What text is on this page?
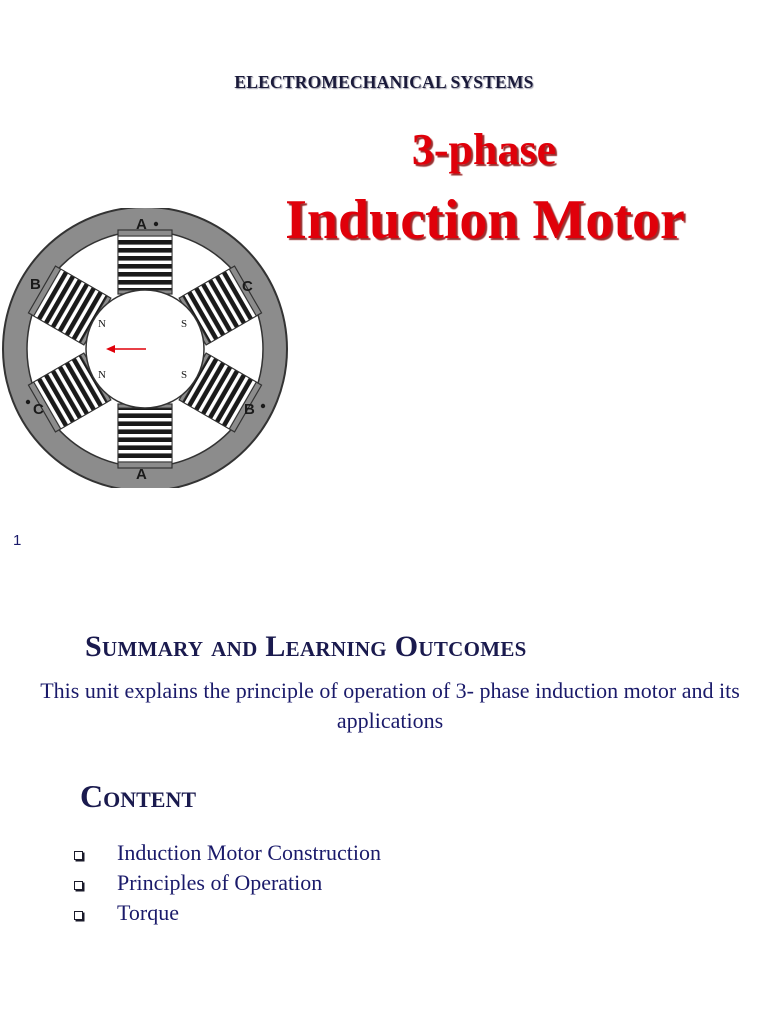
ELECTROMECHANICAL SYSTEMS
3-phase
Induction Motor
N	S
N	S
A
B	C
C	B
A
1
Summary and Learning Outcomes
This unit explains the principle of operation of 3- phase induction motor and its applications
Content
Induction Motor Construction
Principles of Operation
Torque
